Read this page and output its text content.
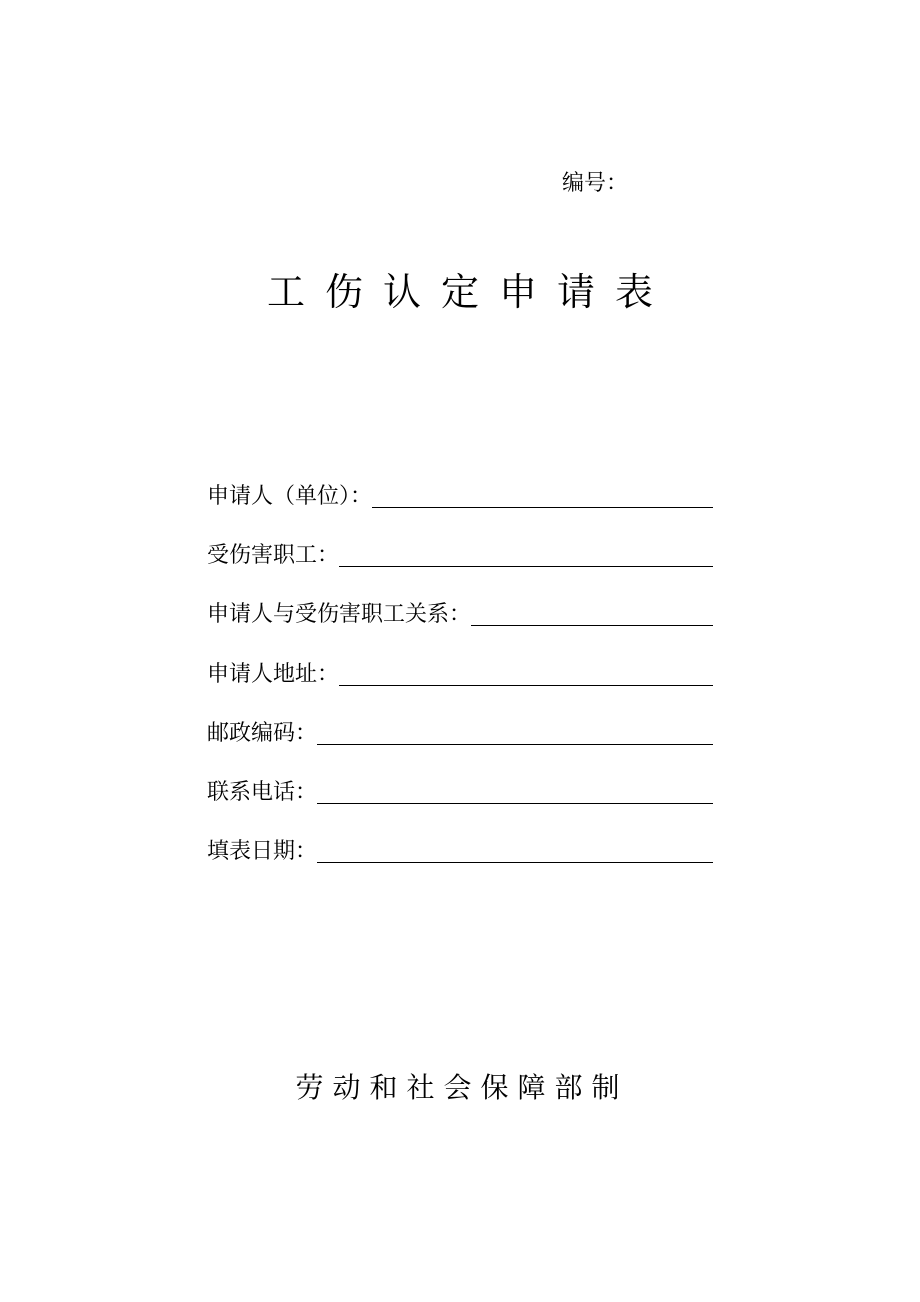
编号：
工伤认定申请表
申请人（单位）：
受伤害职工：
申请人与受伤害职工关系：
申请人地址：
邮政编码：
联系电话：
填表日期：
劳动和社会保障部制
